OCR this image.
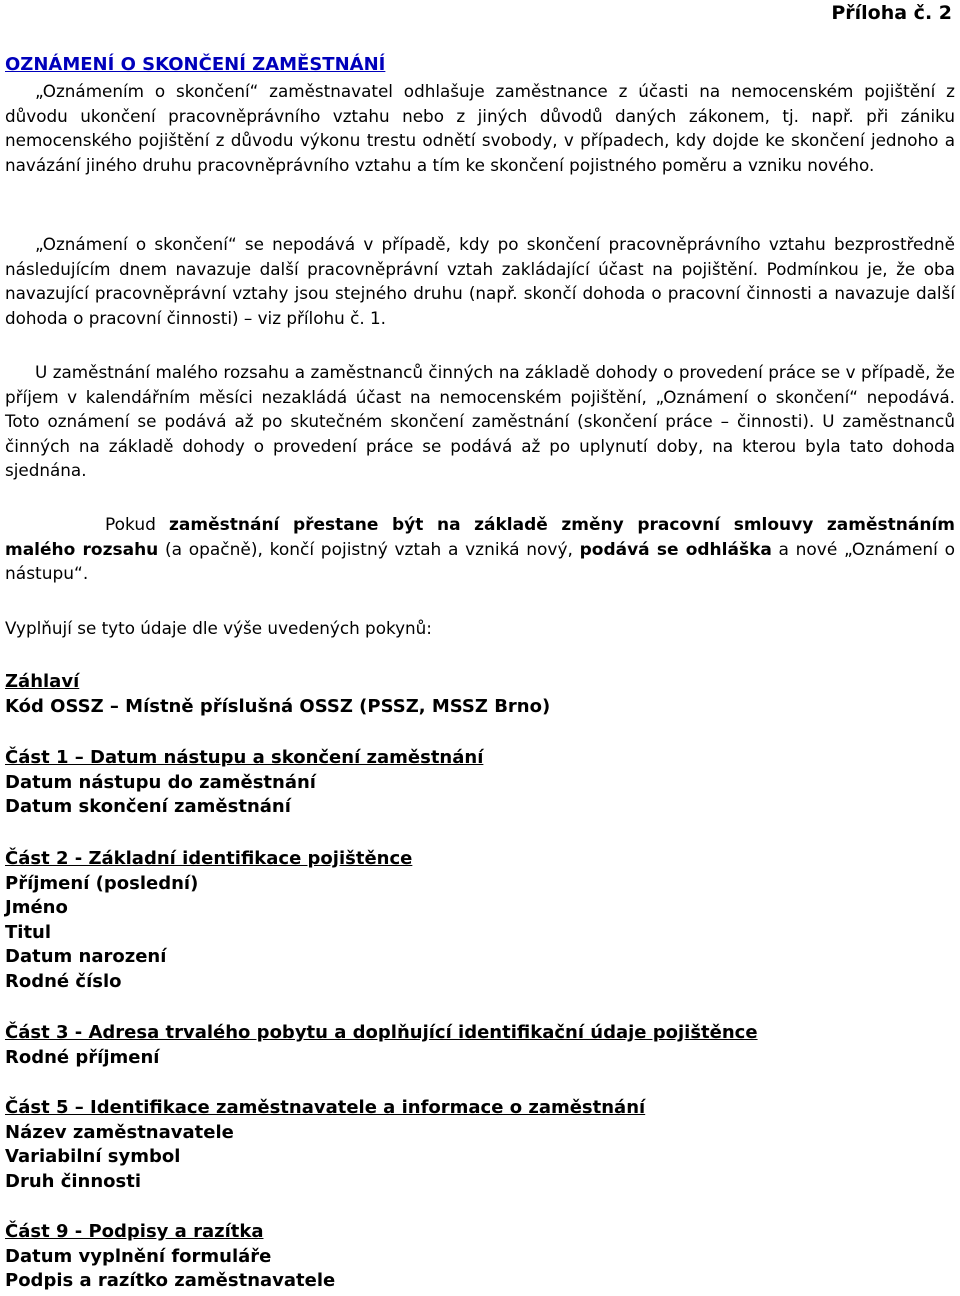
Příloha č. 2
OZNÁMENÍ O SKONČENÍ ZAMĚSTNÁNÍ

„Oznámením o skončení“ zaměstnavatel odhlašuje zaměstnance z účasti na nemocenském pojištění z důvodu ukončení pracovněprávního vztahu nebo z jiných důvodů daných zákonem, tj. např. při zániku nemocenského pojištění z důvodu výkonu trestu odnětí svobody, v případech, kdy dojde ke skončení jednoho a navázání jiného druhu pracovněprávního vztahu a tím ke skončení pojistného poměru a vzniku nového.

„Oznámení o skončení“ se nepodává v případě, kdy po skončení pracovněprávního vztahu bezprostředně následujícím dnem navazuje další pracovněprávní vztah zakládající účast na pojištění. Podmínkou je, že oba navazující pracovněprávní vztahy jsou stejného druhu (např. skončí dohoda o pracovní činnosti a navazuje další dohoda o pracovní činnosti) – viz přílohu č. 1.

U zaměstnání malého rozsahu a zaměstnanců činných na základě dohody o provedení práce se v případě, že příjem v kalendářním měsíci nezakládá účast na nemocenském pojištění, „Oznámení o skončení“ nepodává. Toto oznámení se podává až po skutečném skončení zaměstnání (skončení práce – činnosti). U zaměstnanců činných na základě dohody o provedení práce se podává až po uplynutí doby, na kterou byla tato dohoda sjednána.

Pokud zaměstnání přestane být na základě změny pracovní smlouvy zaměstnáním malého rozsahu (a opačně), končí pojistný vztah a vzniká nový, podává se odhláška a nové „Oznámení o nástupu“.

Vyplňují se tyto údaje dle výše uvedených pokynů:

Záhlaví
Kód OSSZ – Místně příslušná OSSZ (PSSZ, MSSZ Brno)
Část 1 – Datum nástupu a skončení zaměstnání
Datum nástupu do zaměstnání
Datum skončení zaměstnání
Část 2 - Základní identifikace pojištěnce
Příjmení (poslední)
Jméno
Titul
Datum narození
Rodné číslo
Část 3 - Adresa trvalého pobytu a doplňující identifikační údaje pojištěnce
Rodné příjmení
Část 5 – Identifikace zaměstnavatele a informace o zaměstnání
Název zaměstnavatele
Variabilní symbol
Druh činnosti
Část 9 - Podpisy a razítka
Datum vyplnění formuláře
Podpis a razítko zaměstnavatele
